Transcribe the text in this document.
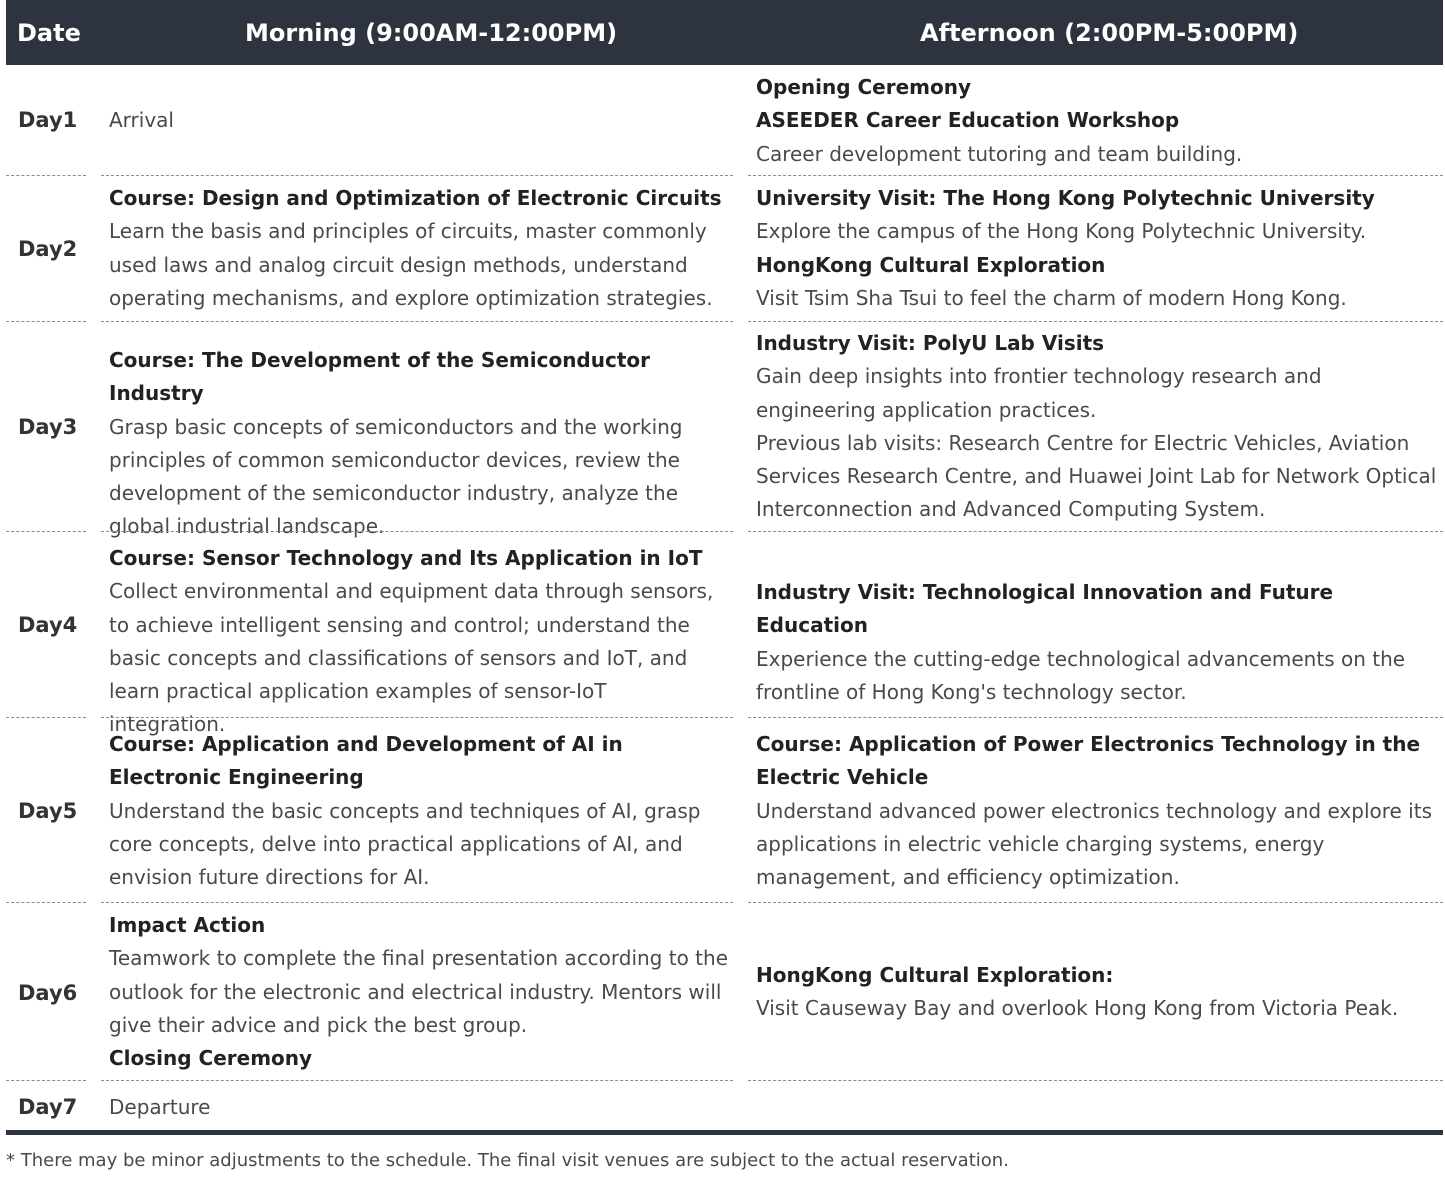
Date	Morning (9:00AM-12:00PM)	Afternoon (2:00PM-5:00PM)
Day1 Arrival
Opening Ceremony
ASEEDER Career Education Workshop
Career development tutoring and team building.
Day2
Course: Design and Optimization of Electronic Circuits
Learn the basis and principles of circuits, master commonly used laws and analog circuit design methods, understand operating mechanisms, and explore optimization strategies.
University Visit: The Hong Kong Polytechnic University
Explore the campus of the Hong Kong Polytechnic University.
HongKong Cultural Exploration
Visit Tsim Sha Tsui to feel the charm of modern Hong Kong.
Day3
Course: The Development of the Semiconductor Industry
Grasp basic concepts of semiconductors and the working principles of common semiconductor devices, review the development of the semiconductor industry, analyze the global industrial landscape.
Industry Visit: PolyU Lab Visits
Gain deep insights into frontier technology research and engineering application practices.
Previous lab visits: Research Centre for Electric Vehicles, Aviation Services Research Centre, and Huawei Joint Lab for Network Optical Interconnection and Advanced Computing System.
Day4
Course: Sensor Technology and Its Application in IoT
Collect environmental and equipment data through sensors, to achieve intelligent sensing and control; understand the basic concepts and classifications of sensors and IoT, and learn practical application examples of sensor-IoT integration.
Industry Visit: Technological Innovation and Future Education
Experience the cutting-edge technological advancements on the frontline of Hong Kong's technology sector.
Day5
Course: Application and Development of AI in Electronic Engineering
Understand the basic concepts and techniques of AI, grasp core concepts, delve into practical applications of AI, and envision future directions for AI.
Course: Application of Power Electronics Technology in the Electric Vehicle
Understand advanced power electronics technology and explore its applications in electric vehicle charging systems, energy management, and efficiency optimization.
Day6
Impact Action
Teamwork to complete the final presentation according to the outlook for the electronic and electrical industry. Mentors will give their advice and pick the best group.
Closing Ceremony
HongKong Cultural Exploration:
Visit Causeway Bay and overlook Hong Kong from Victoria Peak.
Day7 Departure
* There may be minor adjustments to the schedule. The final visit venues are subject to the actual reservation.
